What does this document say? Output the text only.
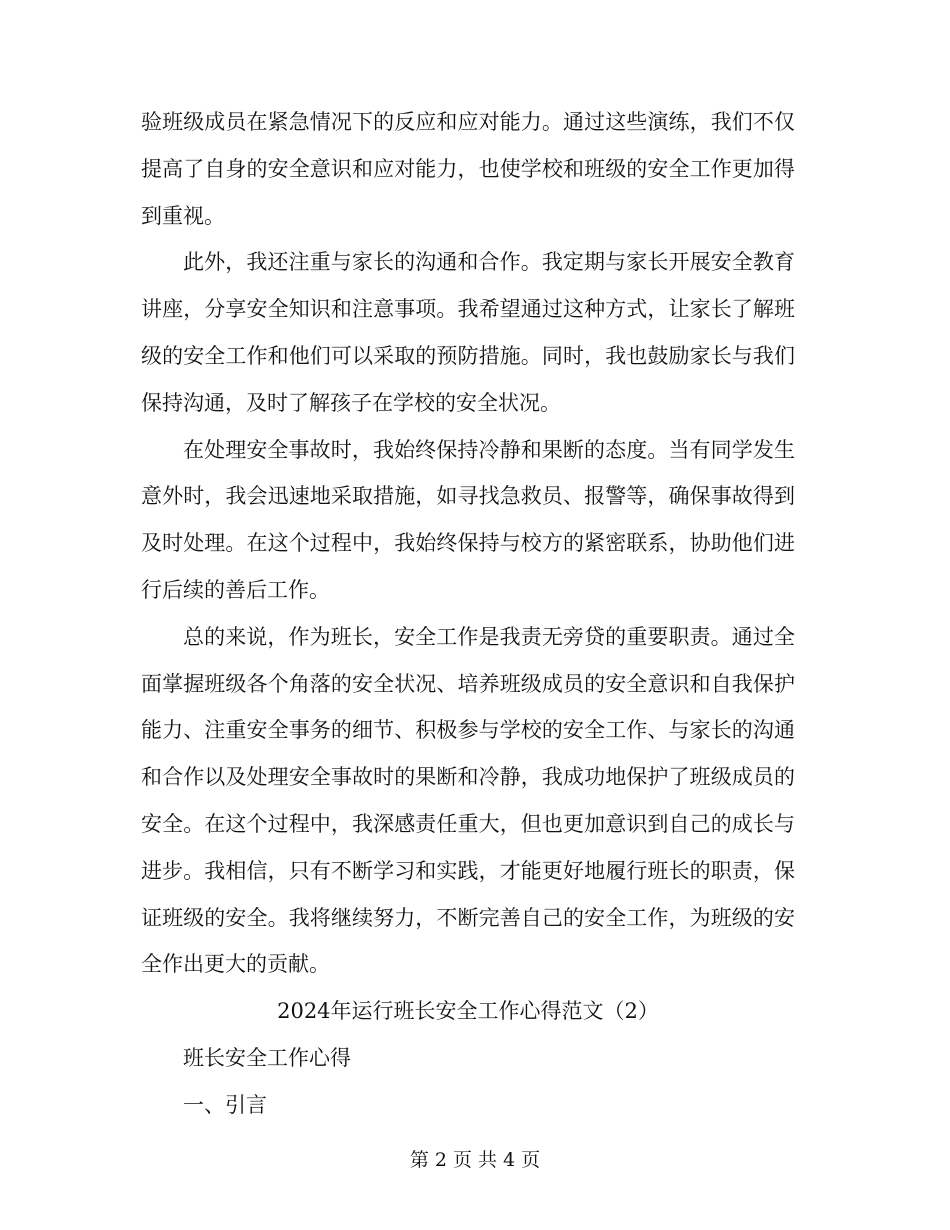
验班级成员在紧急情况下的反应和应对能力。通过这些演练，我们不仅提高了自身的安全意识和应对能力，也使学校和班级的安全工作更加得到重视。

此外，我还注重与家长的沟通和合作。我定期与家长开展安全教育讲座，分享安全知识和注意事项。我希望通过这种方式，让家长了解班级的安全工作和他们可以采取的预防措施。同时，我也鼓励家长与我们保持沟通，及时了解孩子在学校的安全状况。

在处理安全事故时，我始终保持冷静和果断的态度。当有同学发生意外时，我会迅速地采取措施，如寻找急救员、报警等，确保事故得到及时处理。在这个过程中，我始终保持与校方的紧密联系，协助他们进行后续的善后工作。

总的来说，作为班长，安全工作是我责无旁贷的重要职责。通过全面掌握班级各个角落的安全状况、培养班级成员的安全意识和自我保护能力、注重安全事务的细节、积极参与学校的安全工作、与家长的沟通和合作以及处理安全事故时的果断和冷静，我成功地保护了班级成员的安全。在这个过程中，我深感责任重大，但也更加意识到自己的成长与进步。我相信，只有不断学习和实践，才能更好地履行班长的职责，保证班级的安全。我将继续努力，不断完善自己的安全工作，为班级的安全作出更大的贡献。

2024年运行班长安全工作心得范文（2）

班长安全工作心得

一、引言

第 2 页 共 4 页
